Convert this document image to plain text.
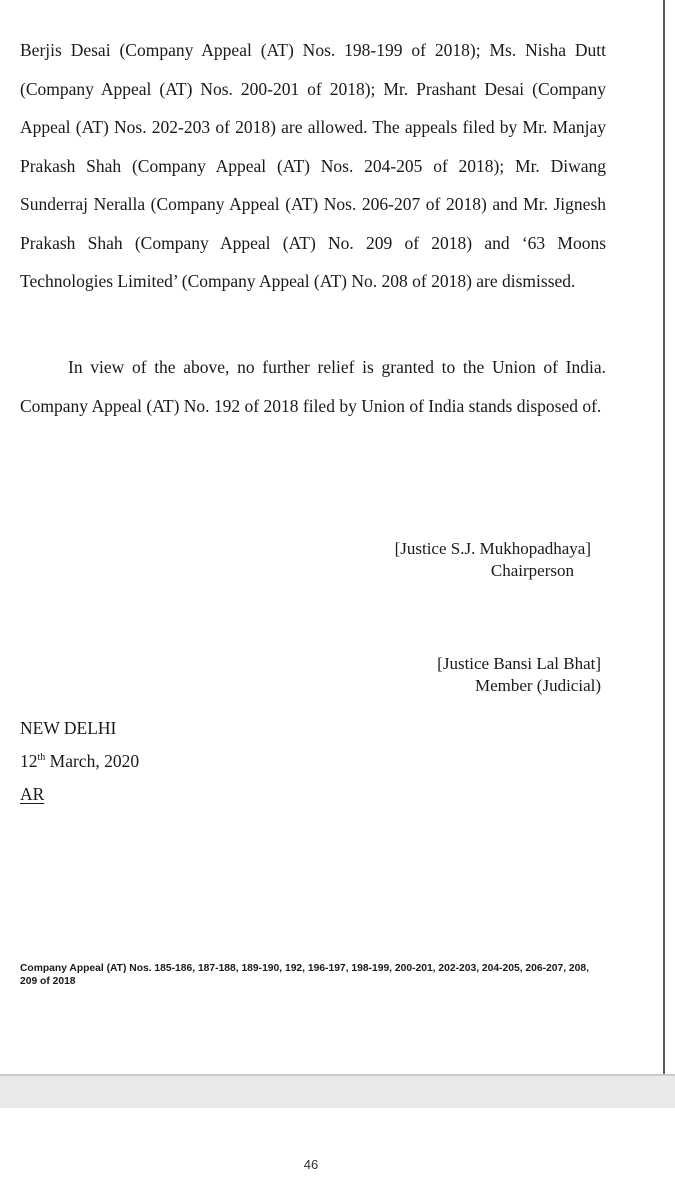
Berjis Desai (Company Appeal (AT) Nos. 198-199 of 2018); Ms. Nisha Dutt (Company Appeal (AT) Nos. 200-201 of 2018); Mr. Prashant Desai (Company Appeal (AT) Nos. 202-203 of 2018) are allowed. The appeals filed by Mr. Manjay Prakash Shah (Company Appeal (AT) Nos. 204-205 of 2018); Mr. Diwang Sunderraj Neralla (Company Appeal (AT) Nos. 206-207 of 2018) and Mr. Jignesh Prakash Shah (Company Appeal (AT) No. 209 of 2018) and ‘63 Moons Technologies Limited’ (Company Appeal (AT) No. 208 of 2018) are dismissed.

In view of the above, no further relief is granted to the Union of India. Company Appeal (AT) No. 192 of 2018 filed by Union of India stands disposed of.

[Justice S.J. Mukhopadhaya]
Chairperson
[Justice Bansi Lal Bhat]
Member (Judicial)
NEW DELHI
12th March, 2020
AR
Company Appeal (AT) Nos. 185-186, 187-188, 189-190, 192, 196-197, 198-199, 200-201, 202-203, 204-205, 206-207, 208, 209 of 2018
46
